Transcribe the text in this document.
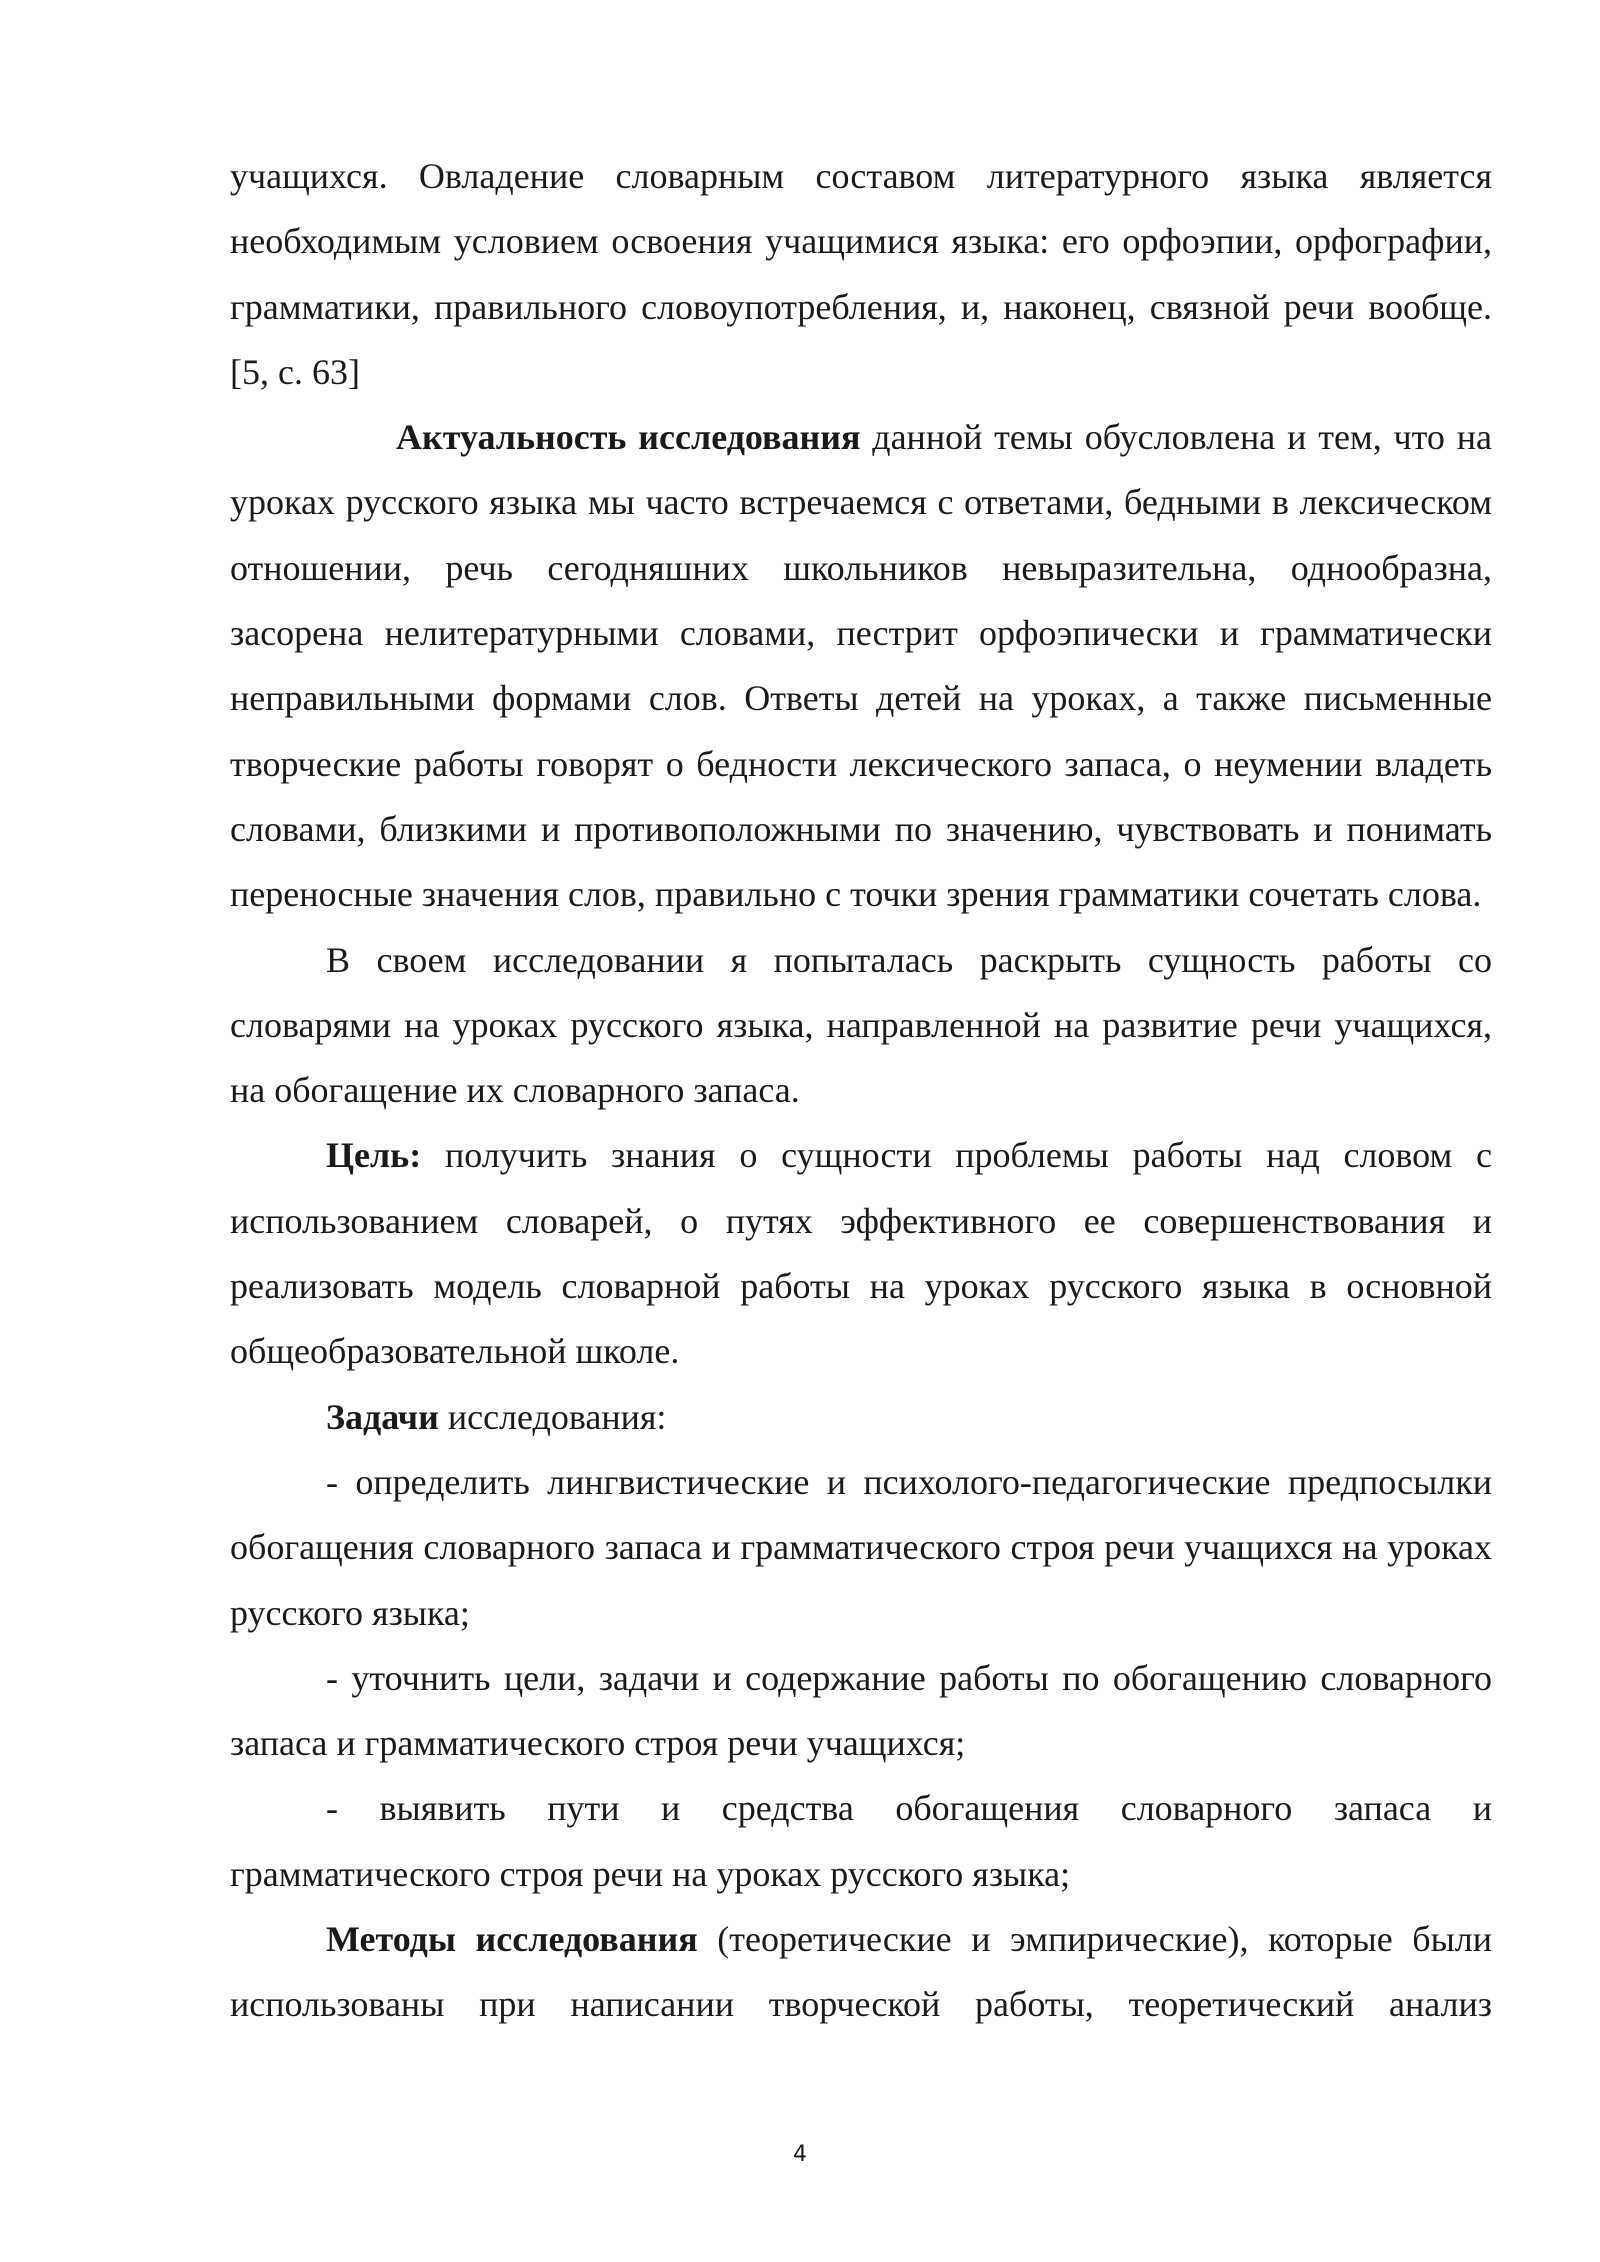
учащихся. Овладение словарным составом литературного языка является необходимым условием освоения учащимися языка: его орфоэпии, орфографии, грамматики, правильного словоупотребления, и, наконец, связной речи вообще. [5, с. 63]

Актуальность исследования данной темы обусловлена и тем, что на уроках русского языка мы часто встречаемся с ответами, бедными в лексическом отношении, речь сегодняшних школьников невыразительна, однообразна, засорена нелитературными словами, пестрит орфоэпически и грамматически неправильными формами слов. Ответы детей на уроках, а также письменные творческие работы говорят о бедности лексического запаса, о неумении владеть словами, близкими и противоположными по значению, чувствовать и понимать переносные значения слов, правильно с точки зрения грамматики сочетать слова.

В своем исследовании я попыталась раскрыть сущность работы со словарями на уроках русского языка, направленной на развитие речи учащихся, на обогащение их словарного запаса.

Цель: получить знания о сущности проблемы работы над словом с использованием словарей, о путях эффективного ее совершенствования и реализовать модель словарной работы на уроках русского языка в основной общеобразовательной школе.

Задачи исследования:

- определить лингвистические и психолого-педагогические предпосылки обогащения словарного запаса и грамматического строя речи учащихся на уроках русского языка;

- уточнить цели, задачи и содержание работы по обогащению словарного запаса и грамматического строя речи учащихся;

- выявить пути и средства обогащения словарного запаса и грамматического строя речи на уроках русского языка;

Методы исследования (теоретические и эмпирические), которые были использованы при написании творческой работы, теоретический анализ

4
